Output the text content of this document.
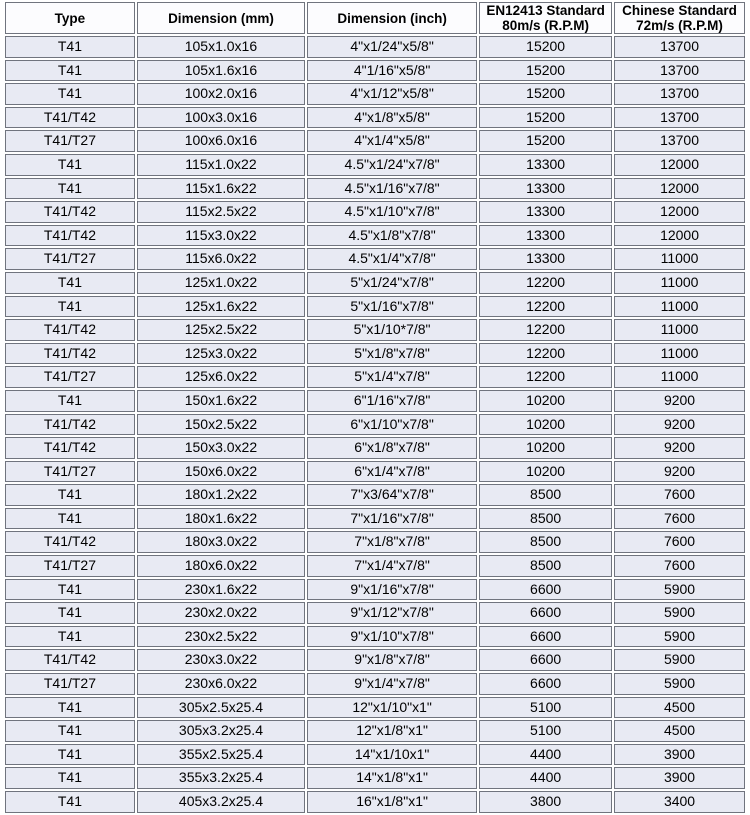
Type	Dimension (mm)	Dimension (inch)	EN12413 Standard 80m/s (R.P.M)	Chinese Standard 72m/s (R.P.M)
T41	105x1.0x16	4"x1/24"x5/8"	15200	13700
T41	105x1.6x16	4"1/16"x5/8"	15200	13700
T41	100x2.0x16	4"x1/12"x5/8"	15200	13700
T41/T42	100x3.0x16	4"x1/8"x5/8"	15200	13700
T41/T27	100x6.0x16	4"x1/4"x5/8"	15200	13700
T41	115x1.0x22	4.5"x1/24"x7/8"	13300	12000
T41	115x1.6x22	4.5"x1/16"x7/8"	13300	12000
T41/T42	115x2.5x22	4.5"x1/10"x7/8"	13300	12000
T41/T42	115x3.0x22	4.5"x1/8"x7/8"	13300	12000
T41/T27	115x6.0x22	4.5"x1/4"x7/8"	13300	11000
T41	125x1.0x22	5"x1/24"x7/8"	12200	11000
T41	125x1.6x22	5"x1/16"x7/8"	12200	11000
T41/T42	125x2.5x22	5"x1/10*7/8"	12200	11000
T41/T42	125x3.0x22	5"x1/8"x7/8"	12200	11000
T41/T27	125x6.0x22	5"x1/4"x7/8"	12200	11000
T41	150x1.6x22	6"1/16"x7/8"	10200	9200
T41/T42	150x2.5x22	6"x1/10"x7/8"	10200	9200
T41/T42	150x3.0x22	6"x1/8"x7/8"	10200	9200
T41/T27	150x6.0x22	6"x1/4"x7/8"	10200	9200
T41	180x1.2x22	7"x3/64"x7/8"	8500	7600
T41	180x1.6x22	7"x1/16"x7/8"	8500	7600
T41/T42	180x3.0x22	7"x1/8"x7/8"	8500	7600
T41/T27	180x6.0x22	7"x1/4"x7/8"	8500	7600
T41	230x1.6x22	9"x1/16"x7/8"	6600	5900
T41	230x2.0x22	9"x1/12"x7/8"	6600	5900
T41	230x2.5x22	9"x1/10"x7/8"	6600	5900
T41/T42	230x3.0x22	9"x1/8"x7/8"	6600	5900
T41/T27	230x6.0x22	9"x1/4"x7/8"	6600	5900
T41	305x2.5x25.4	12"x1/10"x1"	5100	4500
T41	305x3.2x25.4	12"x1/8"x1"	5100	4500
T41	355x2.5x25.4	14"x1/10x1"	4400	3900
T41	355x3.2x25.4	14"x1/8"x1"	4400	3900
T41	405x3.2x25.4	16"x1/8"x1"	3800	3400
